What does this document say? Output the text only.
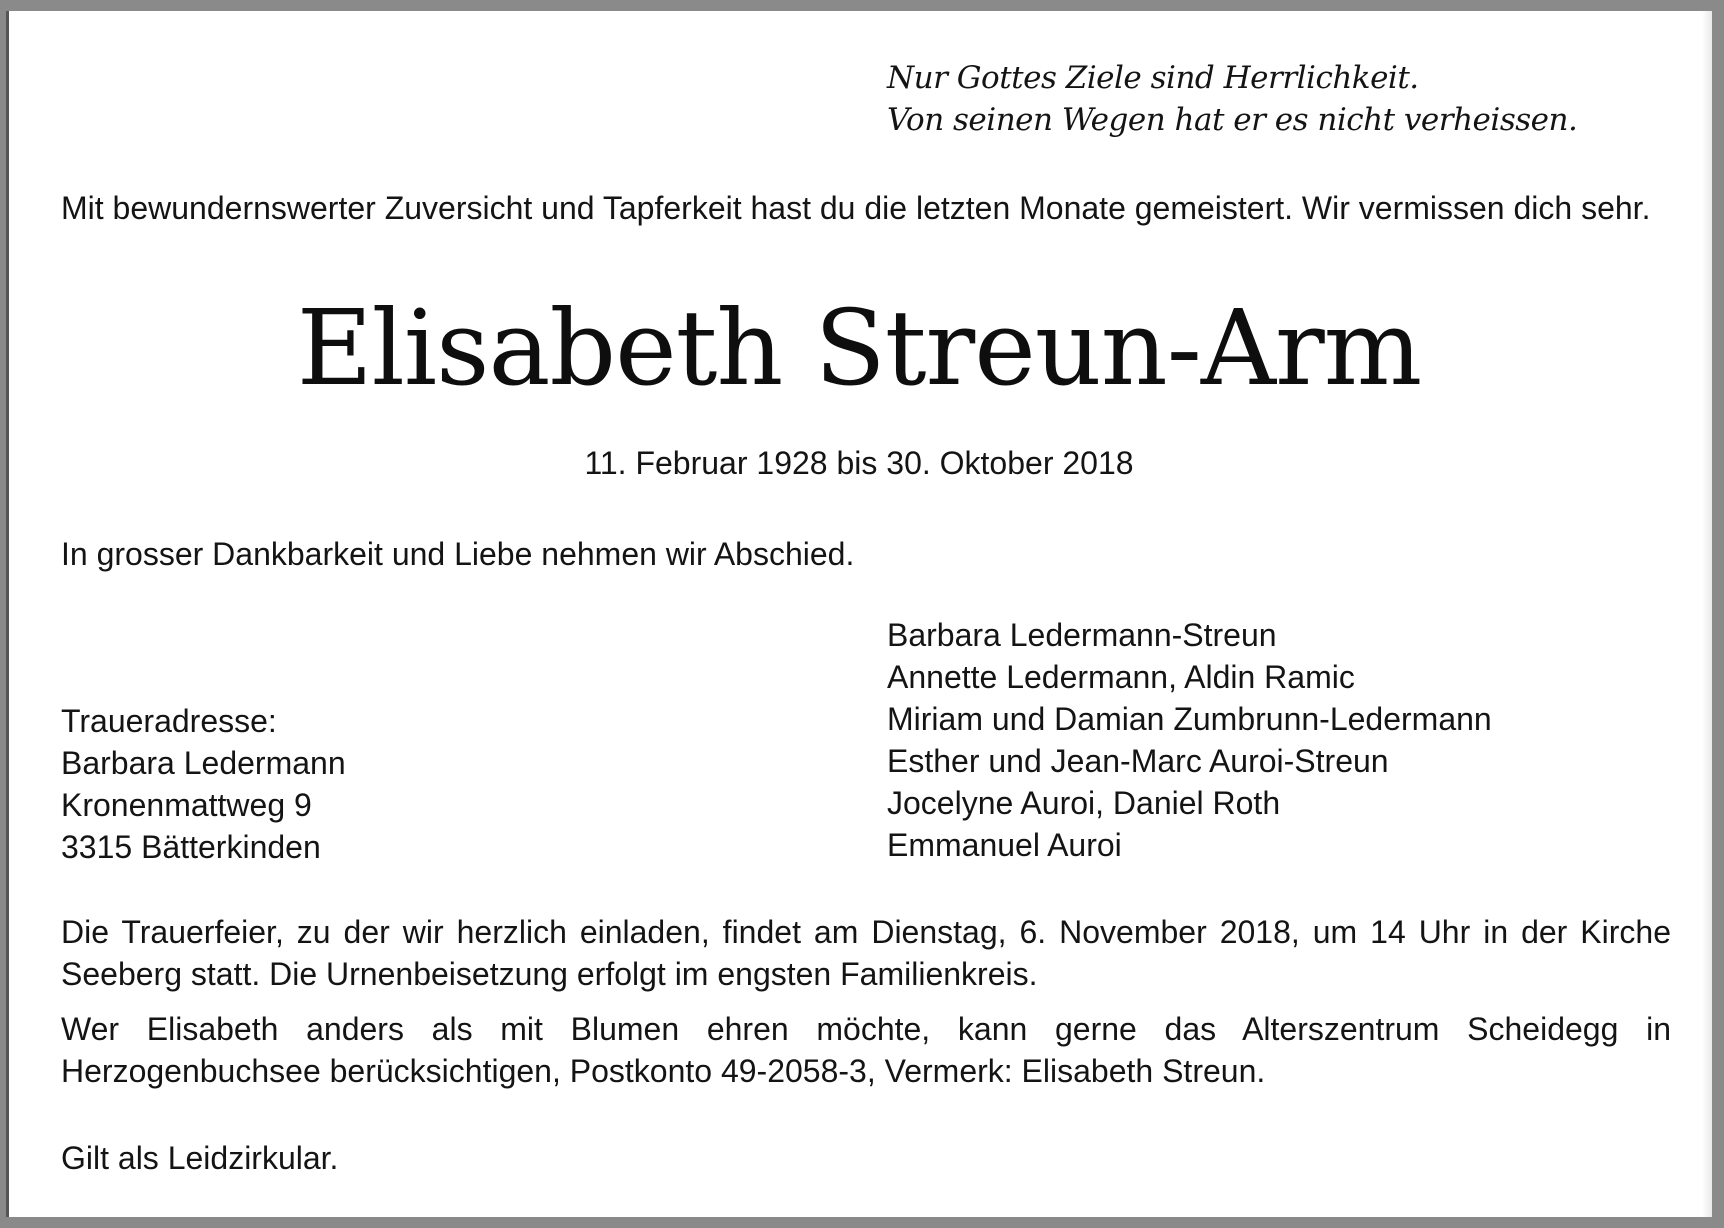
Nur Gottes Ziele sind Herrlichkeit.
Von seinen Wegen hat er es nicht verheissen.
Mit bewundernswerter Zuversicht und Tapferkeit hast du die letzten Monate gemeistert. Wir vermissen dich sehr.
Elisabeth Streun-Arm
11. Februar 1928 bis 30. Oktober 2018
In grosser Dankbarkeit und Liebe nehmen wir Abschied.
Barbara Ledermann-Streun
Annette Ledermann, Aldin Ramic
Miriam und Damian Zumbrunn-Ledermann
Esther und Jean-Marc Auroi-Streun
Jocelyne Auroi, Daniel Roth
Emmanuel Auroi
Traueradresse:
Barbara Ledermann
Kronenmattweg 9
3315 Bätterkinden
Die Trauerfeier, zu der wir herzlich einladen, findet am Dienstag, 6. November 2018, um 14 Uhr in der Kirche Seeberg statt. Die Urnenbeisetzung erfolgt im engsten Familienkreis.
Wer Elisabeth anders als mit Blumen ehren möchte, kann gerne das Alterszentrum Scheidegg in Herzogenbuchsee berücksichtigen, Postkonto 49-2058-3, Vermerk: Elisabeth Streun.
Gilt als Leidzirkular.
